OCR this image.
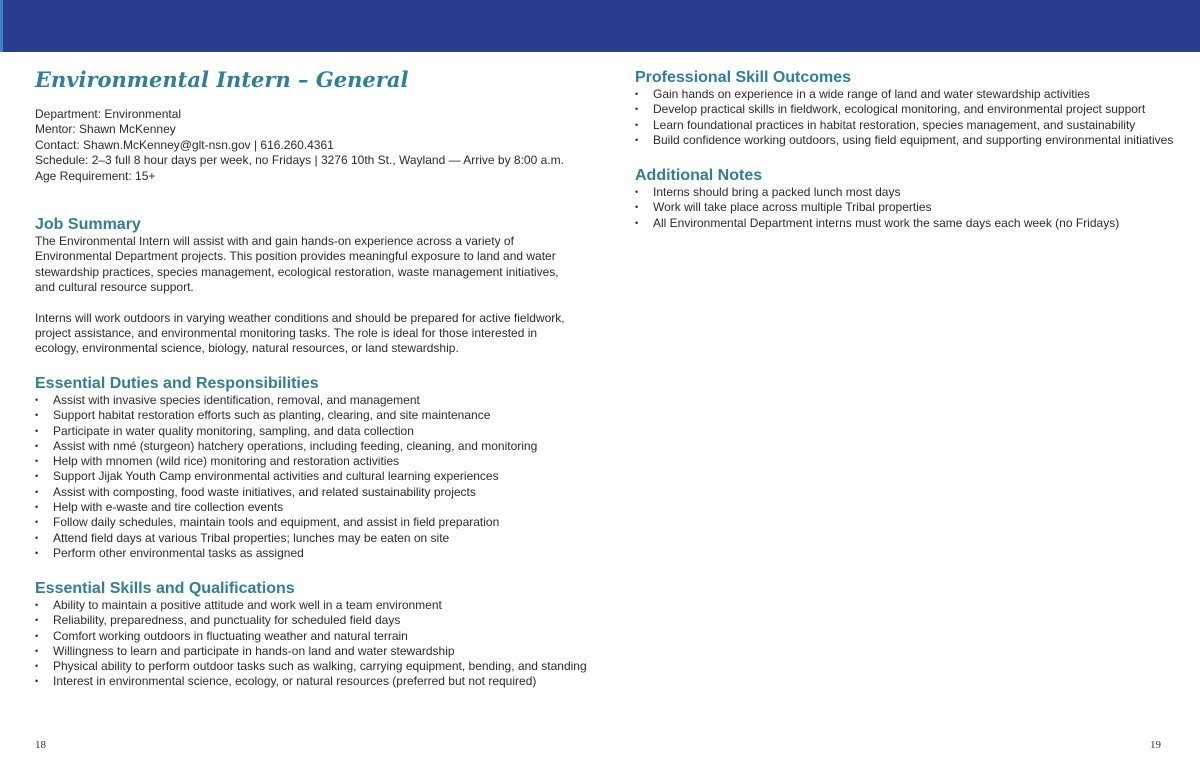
Environmental Intern – General
Department: Environmental
Mentor: Shawn McKenney
Contact: Shawn.McKenney@glt-nsn.gov | 616.260.4361
Schedule: 2–3 full 8 hour days per week, no Fridays | 3276 10th St., Wayland — Arrive by 8:00 a.m.
Age Requirement: 15+
Job Summary

The Environmental Intern will assist with and gain hands-on experience across a variety of Environmental Department projects. This position provides meaningful exposure to land and water stewardship practices, species management, ecological restoration, waste management initiatives, and cultural resource support.

Interns will work outdoors in varying weather conditions and should be prepared for active fieldwork, project assistance, and environmental monitoring tasks. The role is ideal for those interested in ecology, environmental science, biology, natural resources, or land stewardship.

Essential Duties and Responsibilities
• Assist with invasive species identification, removal, and management
• Support habitat restoration efforts such as planting, clearing, and site maintenance
• Participate in water quality monitoring, sampling, and data collection
• Assist with nmé (sturgeon) hatchery operations, including feeding, cleaning, and monitoring
• Help with mnomen (wild rice) monitoring and restoration activities
• Support Jijak Youth Camp environmental activities and cultural learning experiences
• Assist with composting, food waste initiatives, and related sustainability projects
• Help with e-waste and tire collection events
• Follow daily schedules, maintain tools and equipment, and assist in field preparation
• Attend field days at various Tribal properties; lunches may be eaten on site
• Perform other environmental tasks as assigned
Essential Skills and Qualifications
• Ability to maintain a positive attitude and work well in a team environment
• Reliability, preparedness, and punctuality for scheduled field days
• Comfort working outdoors in fluctuating weather and natural terrain
• Willingness to learn and participate in hands-on land and water stewardship
• Physical ability to perform outdoor tasks such as walking, carrying equipment, bending, and standing
• Interest in environmental science, ecology, or natural resources (preferred but not required)
Professional Skill Outcomes
• Gain hands on experience in a wide range of land and water stewardship activities
• Develop practical skills in fieldwork, ecological monitoring, and environmental project support
• Learn foundational practices in habitat restoration, species management, and sustainability
• Build confidence working outdoors, using field equipment, and supporting environmental initiatives
Additional Notes
• Interns should bring a packed lunch most days
• Work will take place across multiple Tribal properties
• All Environmental Department interns must work the same days each week (no Fridays)
18	19
